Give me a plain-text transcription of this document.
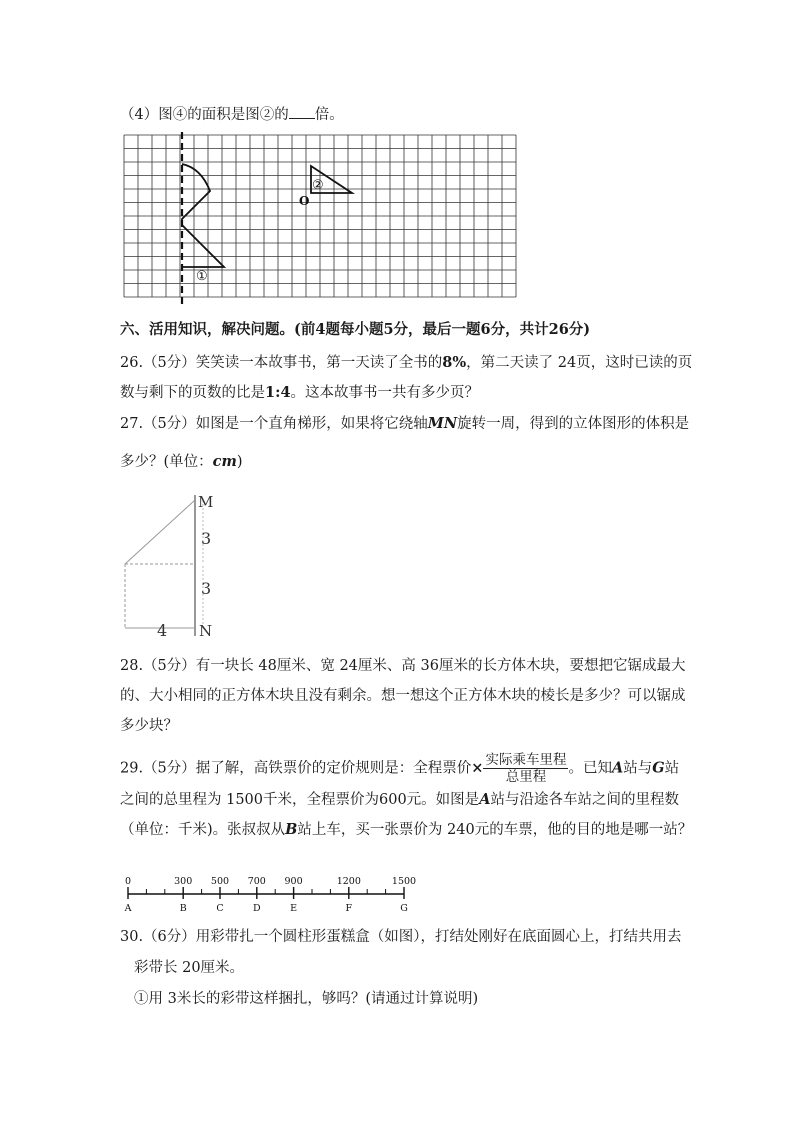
（4）图④的面积是图②的 倍。
①
②
O
六、活用知识，解决问题。(前4题每小题5分，最后一题6分，共计26分)
26.（5分）笑笑读一本故事书，第一天读了全书的8%，第二天读了 24页，这时已读的页
数与剩下的页数的比是1:4。这本故事书一共有多少页？
27.（5分）如图是一个直角梯形，如果将它绕轴MN旋转一周，得到的立体图形的体积是
多少？(单位：cm)
M
N
3
3
4
28.（5分）有一块长 48厘米、宽 24厘米、高 36厘米的长方体木块，要想把它锯成最大
的、大小相同的正方体木块且没有剩余。想一想这个正方体木块的棱长是多少？可以锯成
多少块？
29.（5分）据了解，高铁票价的定价规则是：全程票价× $\frac{\text{实际乘车里程}}{\text{总里程}}$ 。已知A站与G站
之间的总里程为 1500千米，全程票价为600元。如图是A站与沿途各车站之间的里程数
（单位：千米)。张叔叔从B站上车，买一张票价为 240元的车票，他的目的地是哪一站？
0
A
300
B
500
C
700
D
900
E
1200
F
1500
G
30.（6分）用彩带扎一个圆柱形蛋糕盒（如图），打结处刚好在底面圆心上，打结共用去
彩带长 20厘米。
①用 3米长的彩带这样捆扎，够吗？(请通过计算说明)
